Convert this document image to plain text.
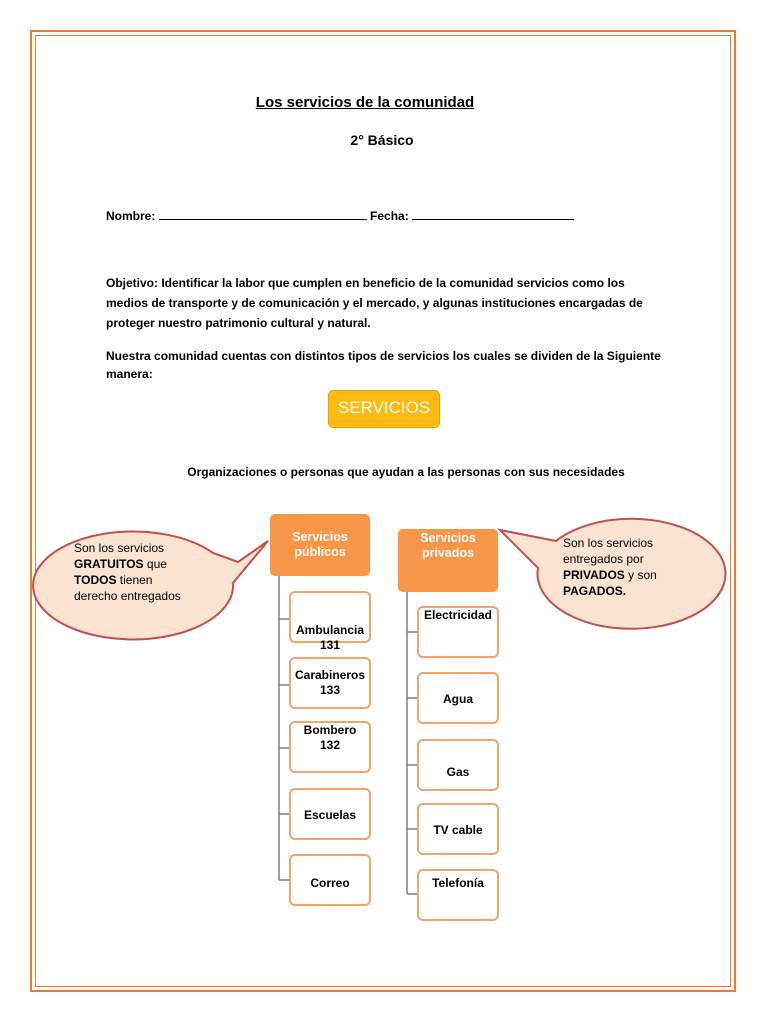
Los servicios de la comunidad
2° Básico
Nombre:	Fecha:
Objetivo: Identificar la labor que cumplen en beneficio de la comunidad servicios como los medios de transporte y de comunicación y el mercado, y algunas instituciones encargadas de proteger nuestro patrimonio cultural y natural.
Nuestra comunidad cuentas con distintos tipos de servicios los cuales se dividen de la Siguiente manera:
SERVICIOS
Organizaciones o personas que ayudan a las personas con sus necesidades
Son los servicios
GRATUITOS que
TODOS tienen
derecho entregados
Son los servicios
entregados por
PRIVADOS y son
PAGADOS.
Servicios
públicos
Ambulancia
131
Carabineros
133
Bombero
132
Escuelas
Correo
Servicios
privados
Electricidad
Agua
Gas
TV cable
Telefonía
